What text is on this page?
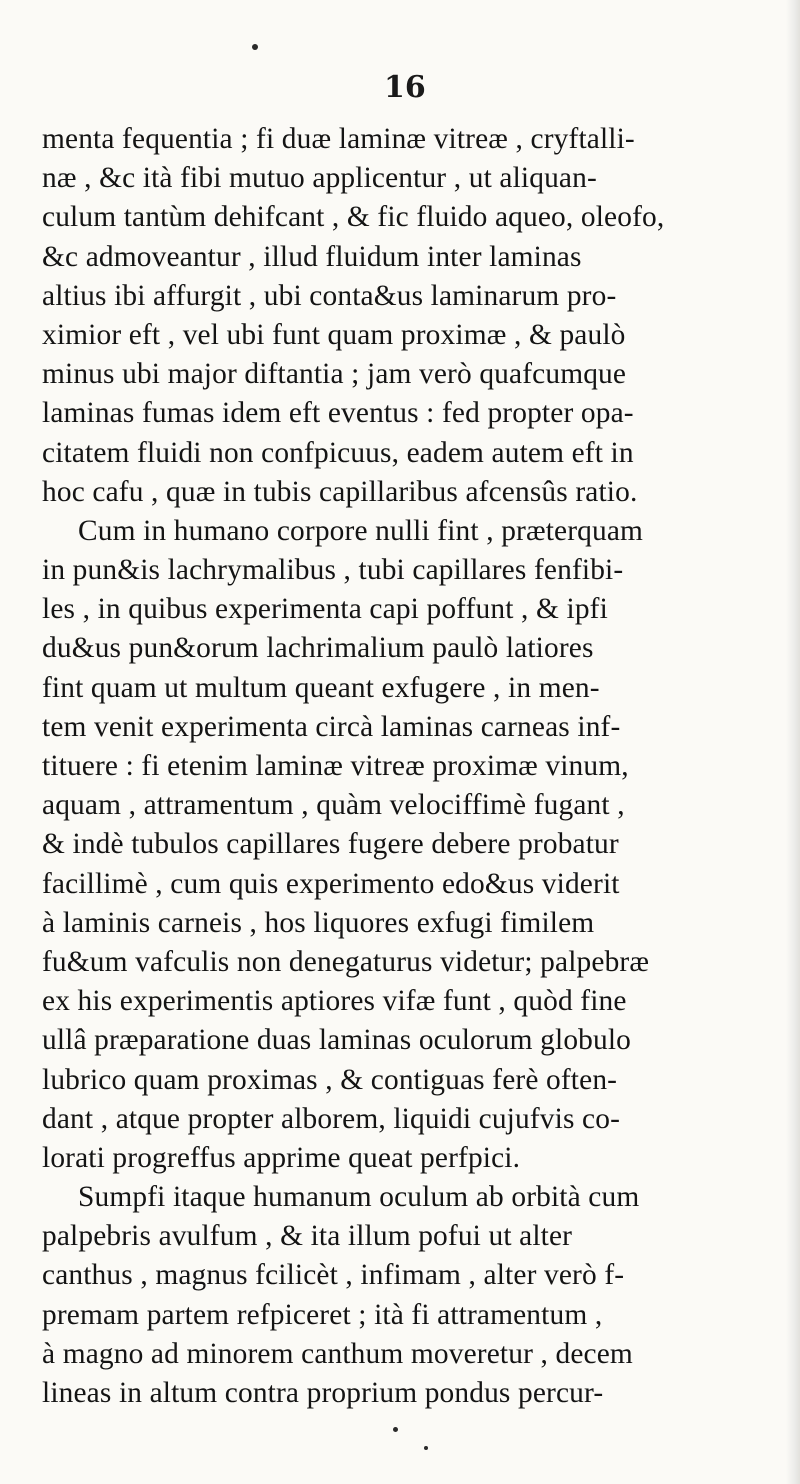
16
menta fequentia ; fi duæ laminæ vitreæ , cryftalli-
næ , &c ità fibi mutuo applicentur , ut aliquan-
culum tantùm dehifcant , & fic fluido aqueo, oleofo,
&c admoveantur , illud fluidum inter laminas
altius ibi affurgit , ubi conta&us laminarum pro-
ximior eft , vel ubi funt quam proximæ , & paulò
minus ubi major diftantia ; jam verò quafcumque
laminas fumas idem eft eventus : fed propter opa-
citatem fluidi non confpicuus, eadem autem eft in
hoc cafu , quæ in tubis capillaribus afcensûs ratio.
Cum in humano corpore nulli fint , præterquam
in pun&is lachrymalibus , tubi capillares fenfibi-
les , in quibus experimenta capi poffunt , & ipfi
du&us pun&orum lachrimalium paulò latiores
fint quam ut multum queant exfugere , in men-
tem venit experimenta circà laminas carneas inf-
tituere : fi etenim laminæ vitreæ proximæ vinum,
aquam , attramentum , quàm velociffimè fugant ,
& indè tubulos capillares fugere debere probatur
facillimè , cum quis experimento edo&us viderit
à laminis carneis , hos liquores exfugi fimilem
fu&um vafculis non denegaturus videtur; palpebræ
ex his experimentis aptiores vifæ funt , quòd fine
ullâ præparatione duas laminas oculorum globulo
lubrico quam proximas , & contiguas ferè often-
dant , atque propter alborem, liquidi cujufvis co-
lorati progreffus apprime queat perfpici.
Sumpfi itaque humanum oculum ab orbità cum
palpebris avulfum , & ita illum pofui ut alter
canthus , magnus fcilicèt , infimam , alter verò f-
premam partem refpiceret ; ità fi attramentum ,
à magno ad minorem canthum moveretur , decem
lineas in altum contra proprium pondus percur-
